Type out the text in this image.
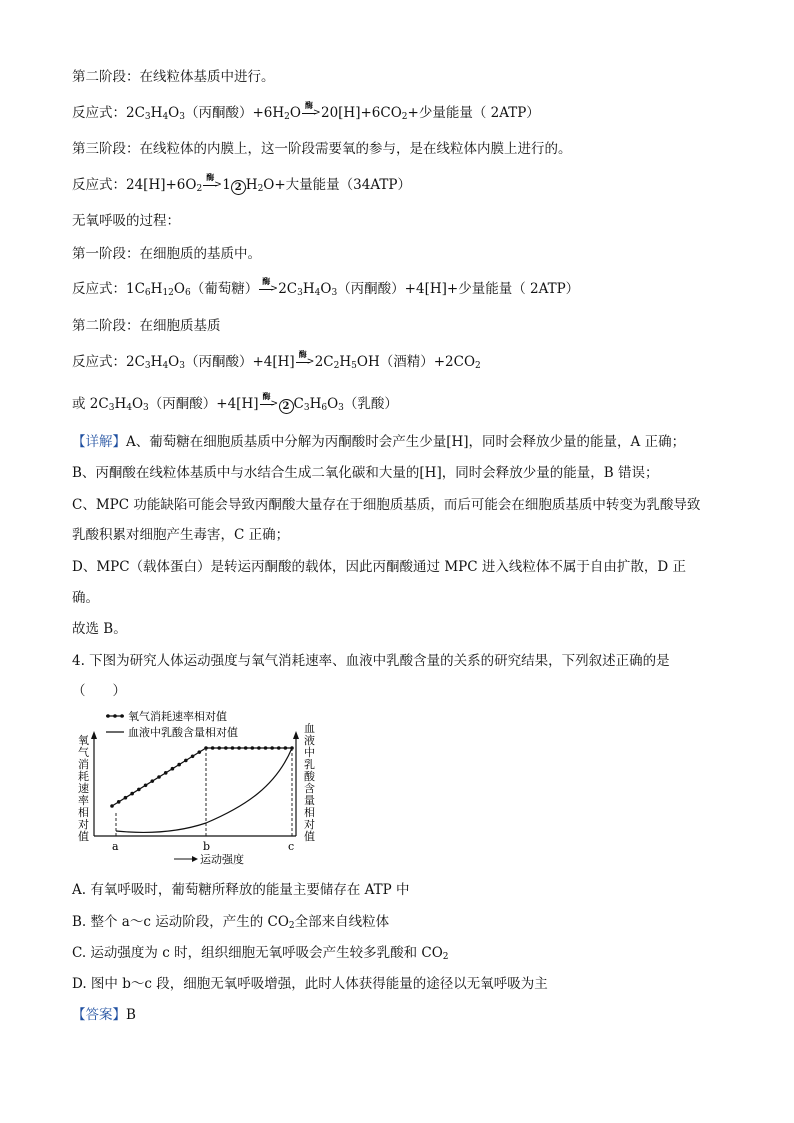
第二阶段：在线粒体基质中进行。
反应式：$2C_3H_4O_3$（丙酮酸）$+6H_2O$ 酶
> $20[H]+6CO_2+$少量能量（ 2ATP）
第三阶段：在线粒体的内膜上，这一阶段需要氧的参与，是在线粒体内膜上进行的。
反应式：$24[H]+6O_2$
酶
> 1 2 $H_2O+$大量能量（34ATP）
无氧呼吸的过程：
第一阶段：在细胞质的基质中。
反应式：$1C_6H_{12}O_6$（葡萄糖） 酶
> $2C_3H_4O_3$（丙酮酸）+4[H]+少量能量（ 2ATP）
第二阶段：在细胞质基质
反应式：$2C_3H_4O_3$（丙酮酸）+4[H] 酶
> $2C_2H_5OH$（酒精）$+2CO_2$
或 $2C_3H_4O_3$（丙酮酸）+4[H] 酶
> 2 $C_3H_6O_3$（乳酸）
【详解】A、葡萄糖在细胞质基质中分解为丙酮酸时会产生少量[H]，同时会释放少量的能量，A 正确；
B、丙酮酸在线粒体基质中与水结合生成二氧化碳和大量的[H]，同时会释放少量的能量，B 错误；
C、MPC 功能缺陷可能会导致丙酮酸大量存在于细胞质基质，而后可能会在细胞质基质中转变为乳酸导致
乳酸积累对细胞产生毒害，C 正确；
D、MPC（载体蛋白）是转运丙酮酸的载体，因此丙酮酸通过 MPC 进入线粒体不属于自由扩散，D 正
确。
故选 B。
4. 下图为研究人体运动强度与氧气消耗速率、血液中乳酸含量的关系的研究结果，下列叙述正确的是
（　　）
氧气消耗速率相对值
血液中乳酸含量相对值
a	b	c
运动强度
氧
气
消
耗
速
率
相
对
值
血
液
中
乳
酸
含
量
相
对
值
A. 有氧呼吸时，葡萄糖所释放的能量主要储存在 ATP 中
B. 整个 a～c 运动阶段，产生的 $CO_2$全部来自线粒体
C. 运动强度为 c 时，组织细胞无氧呼吸会产生较多乳酸和 $CO_2$
D. 图中 b～c 段，细胞无氧呼吸增强，此时人体获得能量的途径以无氧呼吸为主
【答案】B
